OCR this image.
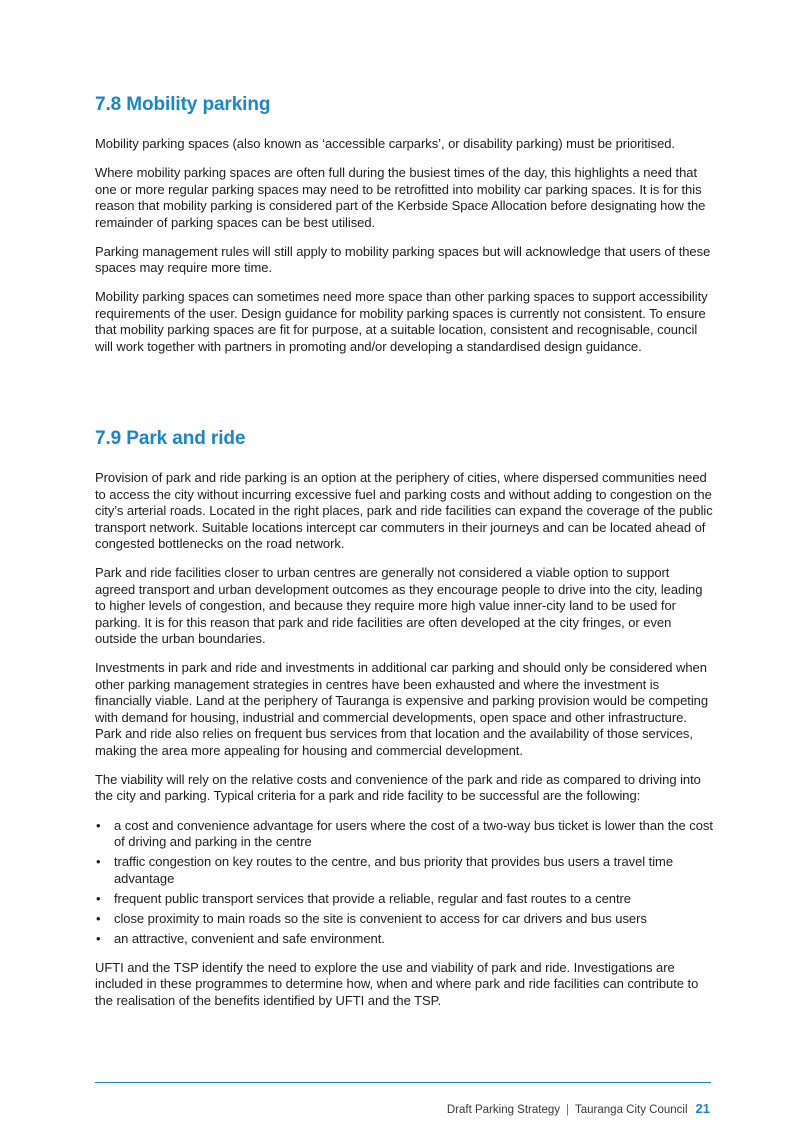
7.8 Mobility parking

Mobility parking spaces (also known as ‘accessible carparks’, or disability parking) must be prioritised.

Where mobility parking spaces are often full during the busiest times of the day, this highlights a need that one or more regular parking spaces may need to be retrofitted into mobility car parking spaces. It is for this reason that mobility parking is considered part of the Kerbside Space Allocation before designating how the remainder of parking spaces can be best utilised.

Parking management rules will still apply to mobility parking spaces but will acknowledge that users of these spaces may require more time.

Mobility parking spaces can sometimes need more space than other parking spaces to support accessibility requirements of the user. Design guidance for mobility parking spaces is currently not consistent. To ensure that mobility parking spaces are fit for purpose, at a suitable location, consistent and recognisable, council will work together with partners in promoting and/or developing a standardised design guidance.

7.9 Park and ride

Provision of park and ride parking is an option at the periphery of cities, where dispersed communities need to access the city without incurring excessive fuel and parking costs and without adding to congestion on the city’s arterial roads. Located in the right places, park and ride facilities can expand the coverage of the public transport network. Suitable locations intercept car commuters in their journeys and can be located ahead of congested bottlenecks on the road network.

Park and ride facilities closer to urban centres are generally not considered a viable option to support agreed transport and urban development outcomes as they encourage people to drive into the city, leading to higher levels of congestion, and because they require more high value inner-city land to be used for parking. It is for this reason that park and ride facilities are often developed at the city fringes, or even outside the urban boundaries.

Investments in park and ride and investments in additional car parking and should only be considered when other parking management strategies in centres have been exhausted and where the investment is financially viable. Land at the periphery of Tauranga is expensive and parking provision would be competing with demand for housing, industrial and commercial developments, open space and other infrastructure. Park and ride also relies on frequent bus services from that location and the availability of those services, making the area more appealing for housing and commercial development.

The viability will rely on the relative costs and convenience of the park and ride as compared to driving into the city and parking. Typical criteria for a park and ride facility to be successful are the following:

• a cost and convenience advantage for users where the cost of a two-way bus ticket is lower than the cost of driving and parking in the centre
• traffic congestion on key routes to the centre, and bus priority that provides bus users a travel time advantage
• frequent public transport services that provide a reliable, regular and fast routes to a centre
• close proximity to main roads so the site is convenient to access for car drivers and bus users
• an attractive, convenient and safe environment.

UFTI and the TSP identify the need to explore the use and viability of park and ride. Investigations are included in these programmes to determine how, when and where park and ride facilities can contribute to the realisation of the benefits identified by UFTI and the TSP.

Draft Parking Strategy | Tauranga City Council 21
